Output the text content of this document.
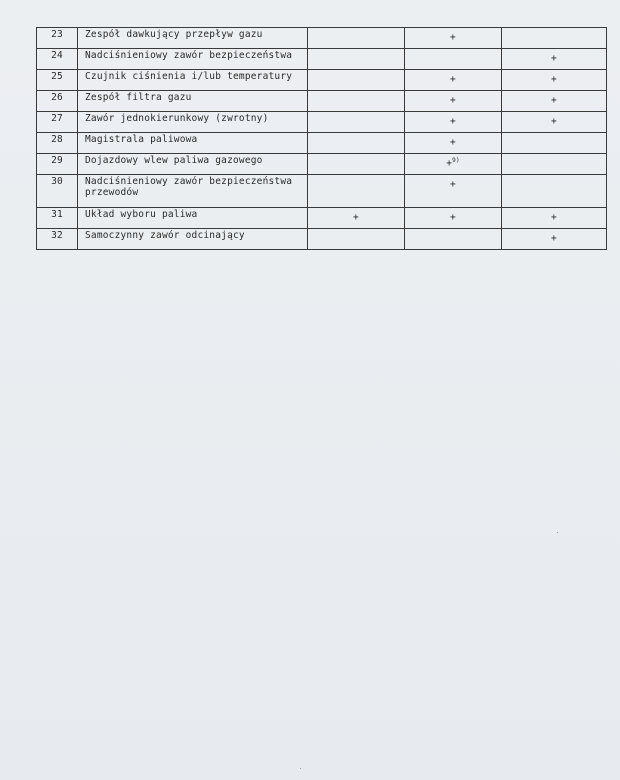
23	Zespół dawkujący przepływ gazu		+	
24	Nadciśnieniowy zawór bezpieczeństwa			+
25	Czujnik ciśnienia i/lub temperatury		+	+
26	Zespół filtra gazu		+	+
27	Zawór jednokierunkowy (zwrotny)		+	+
28	Magistrala paliwowa		+	
29	Dojazdowy wlew paliwa gazowego		+$^{9)}$	
30	Nadciśnieniowy zawór bezpieczeństwa przewodów		+	
31	Układ wyboru paliwa	+	+	+
32	Samoczynny zawór odcinający			+
